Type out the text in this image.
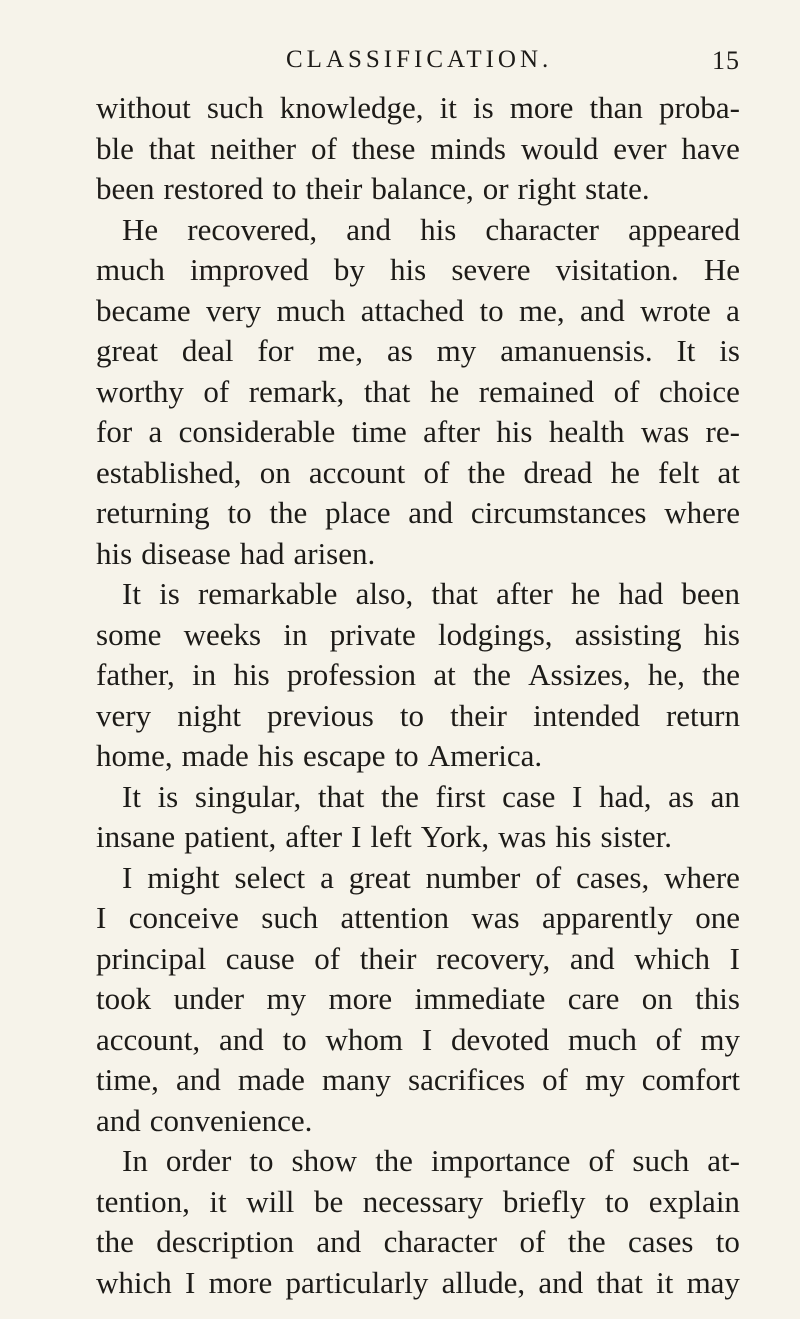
CLASSIFICATION.	15
without such knowledge, it is more than proba-
ble that neither of these minds would ever have
been restored to their balance, or right state.
He recovered, and his character appeared
much improved by his severe visitation. He
became very much attached to me, and wrote a
great deal for me, as my amanuensis. It is
worthy of remark, that he remained of choice
for a considerable time after his health was re-
established, on account of the dread he felt at
returning to the place and circumstances where
his disease had arisen.
It is remarkable also, that after he had been
some weeks in private lodgings, assisting his
father, in his profession at the Assizes, he, the
very night previous to their intended return
home, made his escape to America.
It is singular, that the first case I had, as an
insane patient, after I left York, was his sister.
I might select a great number of cases, where
I conceive such attention was apparently one
principal cause of their recovery, and which I
took under my more immediate care on this
account, and to whom I devoted much of my
time, and made many sacrifices of my comfort
and convenience.
In order to show the importance of such at-
tention, it will be necessary briefly to explain
the description and character of the cases to
which I more particularly allude, and that it may
